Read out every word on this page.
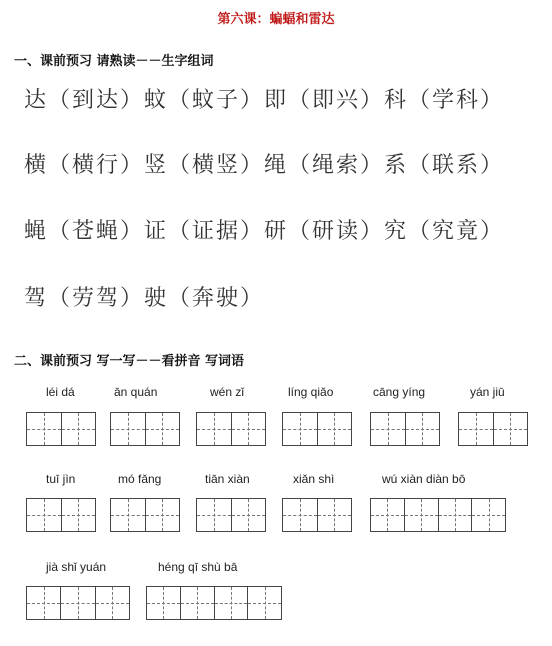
第六课：蝙蝠和雷达
一、课前预习 请熟读－－生字组词
达（到达）蚊（蚊子）即（即兴）科（学科）
横（横行）竖（横竖）绳（绳索）系（联系）
蝇（苍蝇）证（证据）研（研读）究（究竟）
驾（劳驾）驶（奔驶）
二、课前预习 写一写－－看拼音 写词语
léi dá	ān quán	wén zǐ	líng qiǎo	cāng yíng	yán jiū
tuī jìn	mó fǎng	tiān xiàn	xiǎn shì	wú xiàn diàn bō
jià shǐ yuán	héng qī shù bā
